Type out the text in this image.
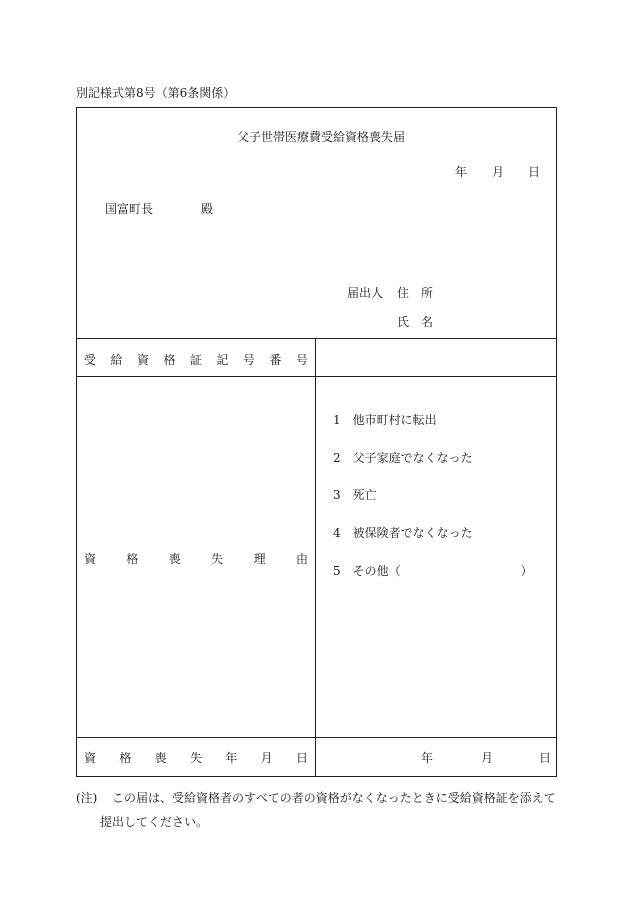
別記様式第8号（第6条関係）
父子世帯医療費受給資格喪失届
年 月 日
国富町長	殿
届出人 住　所
氏　名
受 給 資 格 証 記 号 番 号
資	格	喪	失	理	由
1 他市町村に転出
2 父子家庭でなくなった
3 死亡
4 被保険者でなくなった
5 その他（　　　　　　　　　　）
資 格 喪 失 年 月 日	年	月	日
(注) この届は、受給資格者のすべての者の資格がなくなったときに受給資格証を添えて
提出してください。
